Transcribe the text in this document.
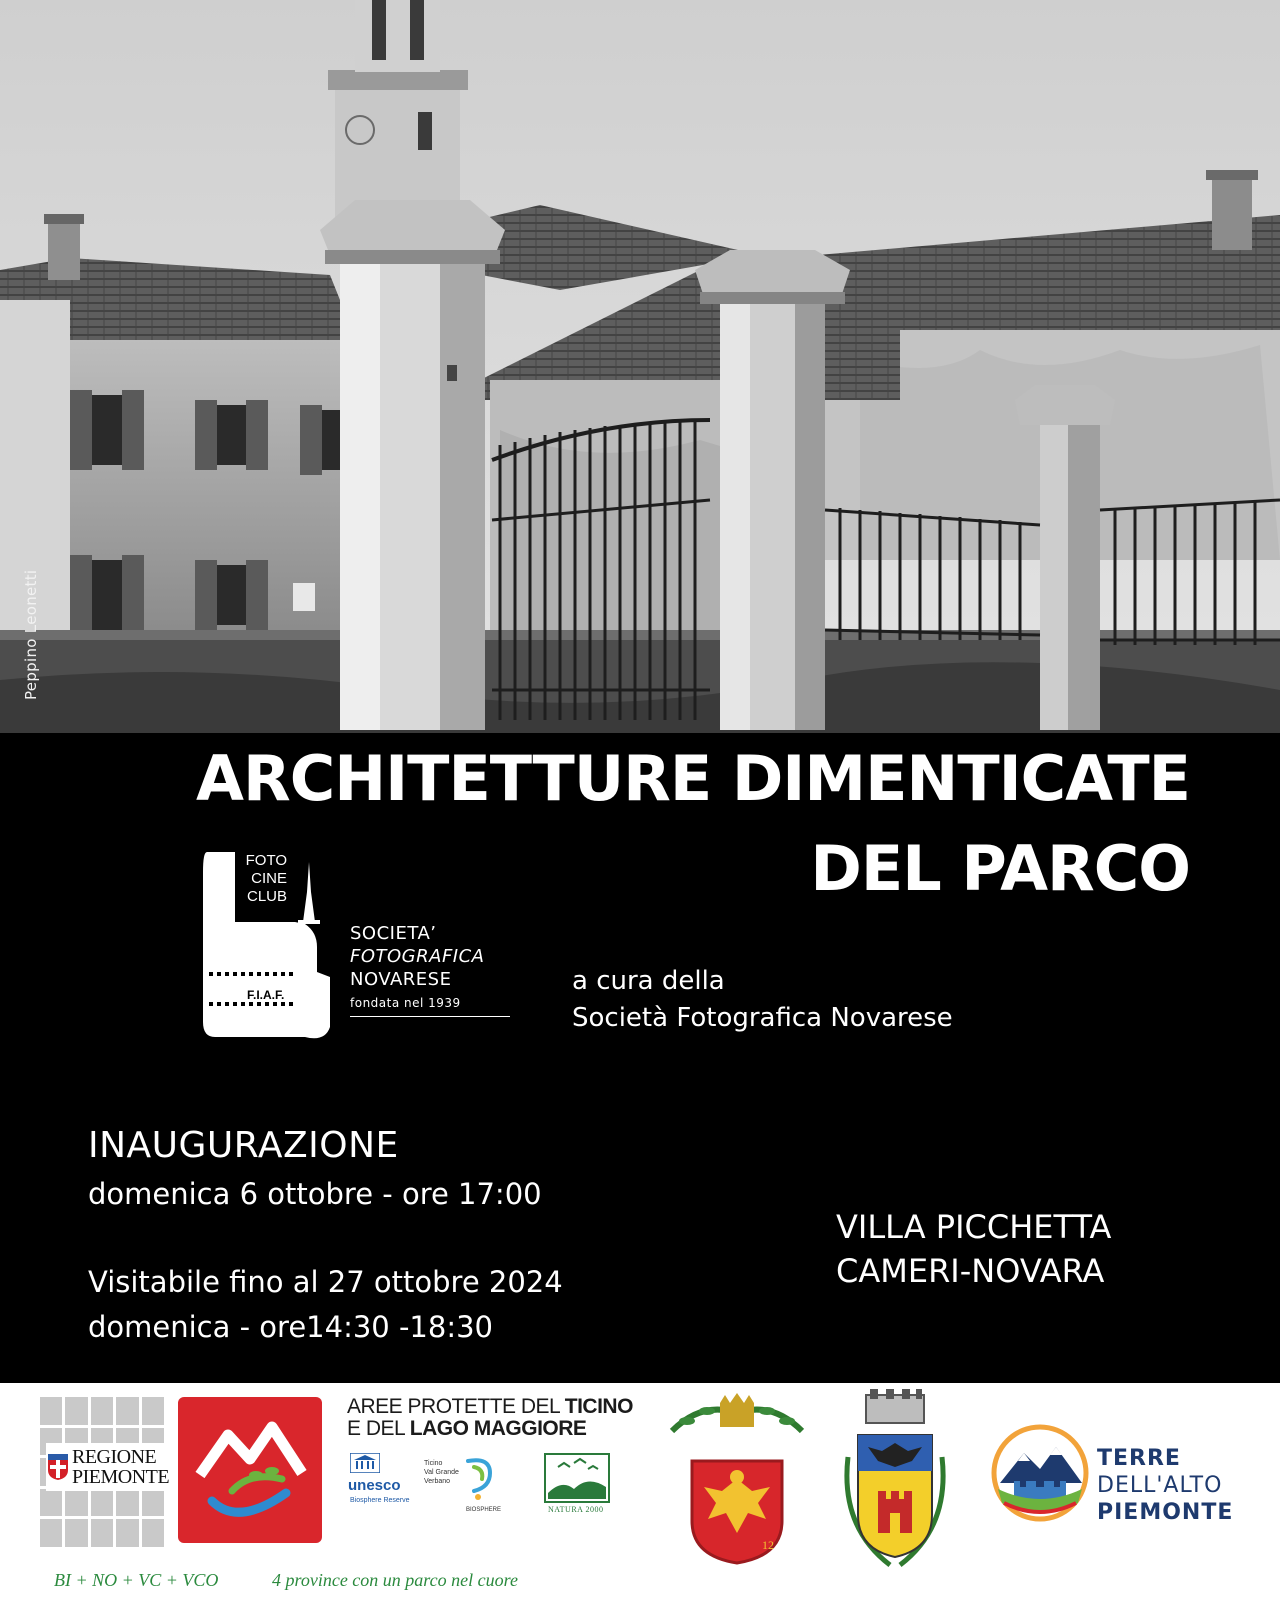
Peppino Leonetti
ARCHITETTURE DIMENTICATE
DEL PARCO
FOTO
CINE
CLUB
F.I.A.F.
BFI-EFI
SOCIETA’
FOTOGRAFICA
NOVARESE
fondata nel 1939
a cura della
Società Fotografica Novarese
INAUGURAZIONE
domenica 6 ottobre - ore 17:00
Visitabile fino al 27 ottobre 2024
domenica - ore14:30 -18:30
VILLA PICCHETTA
CAMERI-NOVARA
REGIONE
PIEMONTE
AREE PROTETTE DEL TICINO
E DEL LAGO MAGGIORE
unesco
Biosphere Reserve
Ticino
Val Grande
Verbano
BIOSPHERE	NATURA 2000
12
TERRE
DELL'ALTO
PIEMONTE
BI + NO + VC + VCO	4 province con un parco nel cuore
